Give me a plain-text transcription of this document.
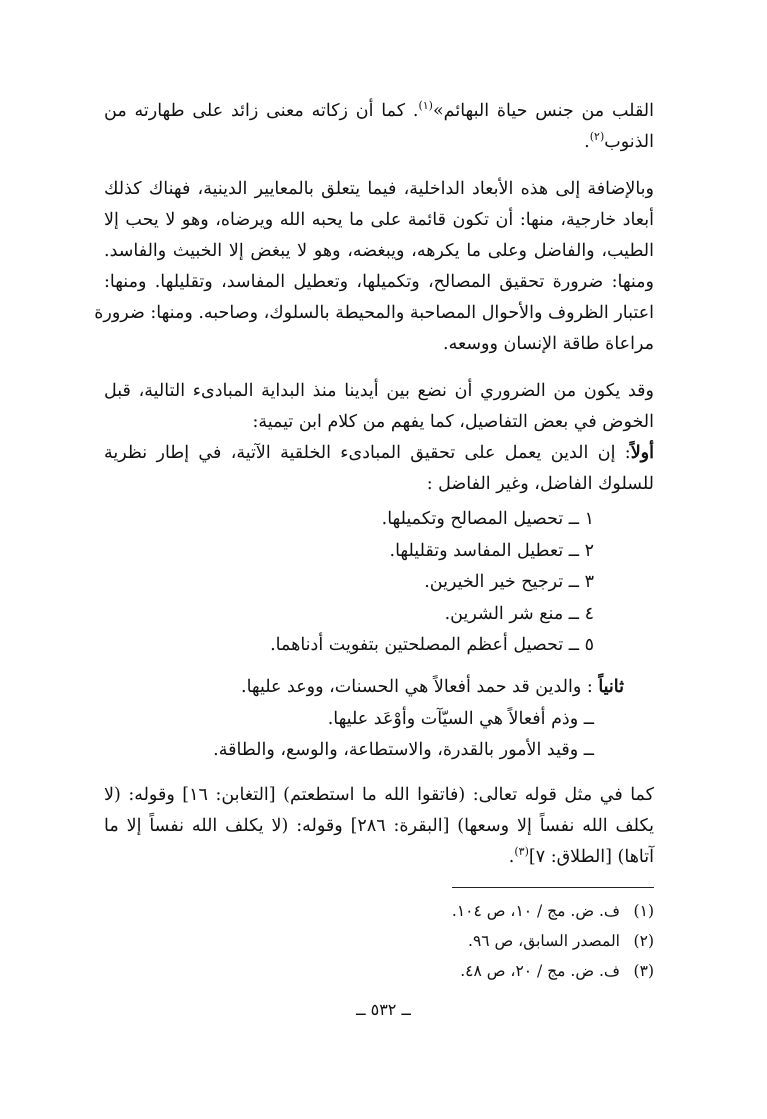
القلب من جنس حياة البهائم»$^{(١)}$. كما أن زكاته معنى زائد على طهارته من
الذنوب$^{(٢)}$.
وبالإضافة إلى هذه الأبعاد الداخلية، فيما يتعلق بالمعايير الدينية، فهناك كذلك
أبعاد خارجية، منها: أن تكون قائمة على ما يحبه الله ويرضاه، وهو لا يحب إلا
الطيب، والفاضل وعلى ما يكرهه، ويبغضه، وهو لا يبغض إلا الخبيث والفاسد.
ومنها: ضرورة تحقيق المصالح، وتكميلها، وتعطيل المفاسد، وتقليلها. ومنها:
اعتبار الظروف والأحوال المصاحبة والمحيطة بالسلوك، وصاحبه. ومنها: ضرورة
مراعاة طاقة الإنسان ووسعه.
وقد يكون من الضروري أن نضع بين أيدينا منذ البداية المبادىء التالية، قبل
الخوض في بعض التفاصيل، كما يفهم من كلام ابن تيمية:
أولاً: إن الدين يعمل على تحقيق المبادىء الخلقية الآتية، في إطار نظرية
للسلوك الفاضل، وغير الفاضل :
١ ــ تحصيل المصالح وتكميلها.
٢ ــ تعطيل المفاسد وتقليلها.
٣ ــ ترجيح خير الخيرين.
٤ ــ منع شر الشرين.
٥ ــ تحصيل أعظم المصلحتين بتفويت أدناهما.
ثانياً : والدين قد حمد أفعالاً هي الحسنات، ووعد عليها.
ــ وذم أفعالاً هي السيّآت وأوْعَد عليها.
ــ وقيد الأمور بالقدرة، والاستطاعة، والوسع، والطاقة.
كما في مثل قوله تعالى: (فاتقوا الله ما استطعتم) [التغابن: ١٦] وقوله: (لا
يكلف الله نفساً إلا وسعها) [البقرة: ٢٨٦] وقوله: (لا يكلف الله نفساً إلا ما
آتاها) [الطلاق: ٧]$^{(٣)}$.
(١)ف. ض. مج / ١٠، ص ١٠٤.
(٢)المصدر السابق، ص ٩٦.
(٣)ف. ض. مج / ٢٠، ص ٤٨.
ــ ٥٣٢ ــ
